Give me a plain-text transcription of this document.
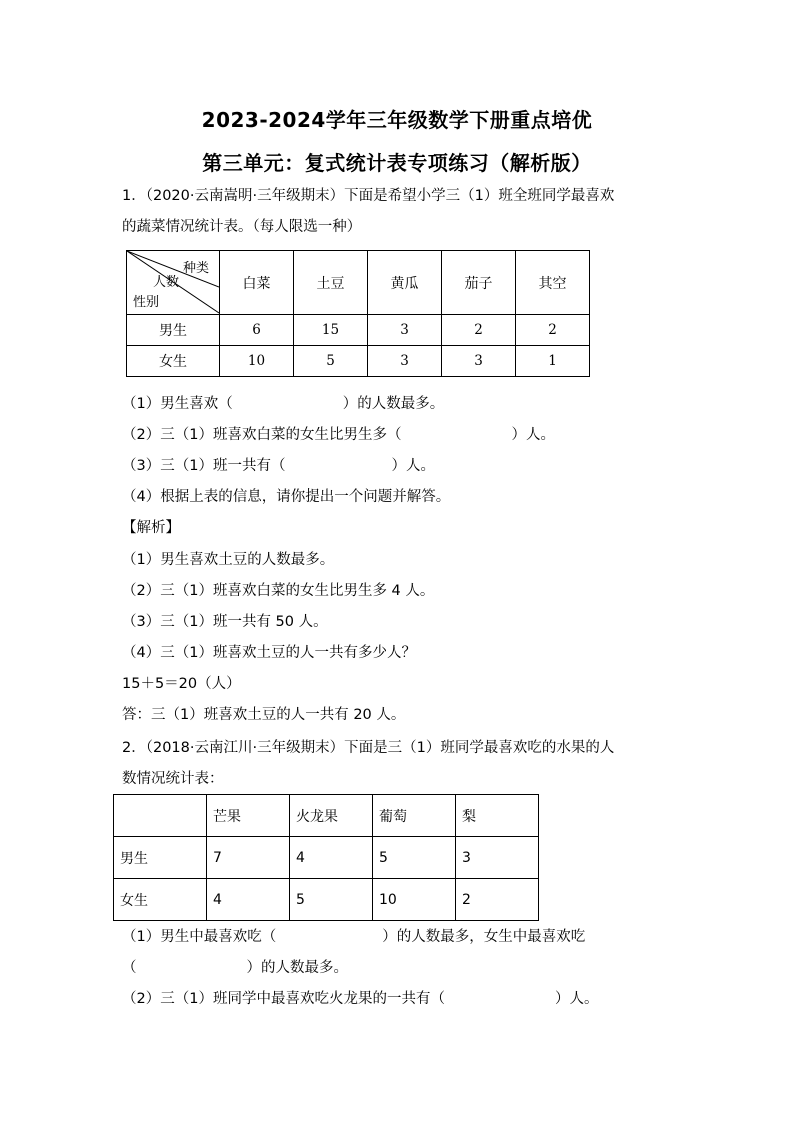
2023-2024学年三年级数学下册重点培优
第三单元：复式统计表专项练习（解析版）
1．（2020·云南嵩明·三年级期末）下面是希望小学三（1）班全班同学最喜欢
的蔬菜情况统计表。（每人限选一种）
种类
人数
性别	白菜	土豆	黄瓜	茄子	其空
男生	6	15	3	2	2
女生	10	5	3	3	1
（1）男生喜欢（	）的人数最多。
（2）三（1）班喜欢白菜的女生比男生多（	）人。
（3）三（1）班一共有（	）人。
（4）根据上表的信息，请你提出一个问题并解答。
【解析】
（1）男生喜欢土豆的人数最多。
（2）三（1）班喜欢白菜的女生比男生多 4 人。
（3）三（1）班一共有 50 人。
（4）三（1）班喜欢土豆的人一共有多少人？
15＋5＝20（人）
答：三（1）班喜欢土豆的人一共有 20 人。
2．（2018·云南江川·三年级期末）下面是三（1）班同学最喜欢吃的水果的人
数情况统计表：
	芒果	火龙果	葡萄	梨
男生	7	4	5	3
女生	4	5	10	2
（1）男生中最喜欢吃（	）的人数最多，女生中最喜欢吃
（	）的人数最多。
（2）三（1）班同学中最喜欢吃火龙果的一共有（	）人。
